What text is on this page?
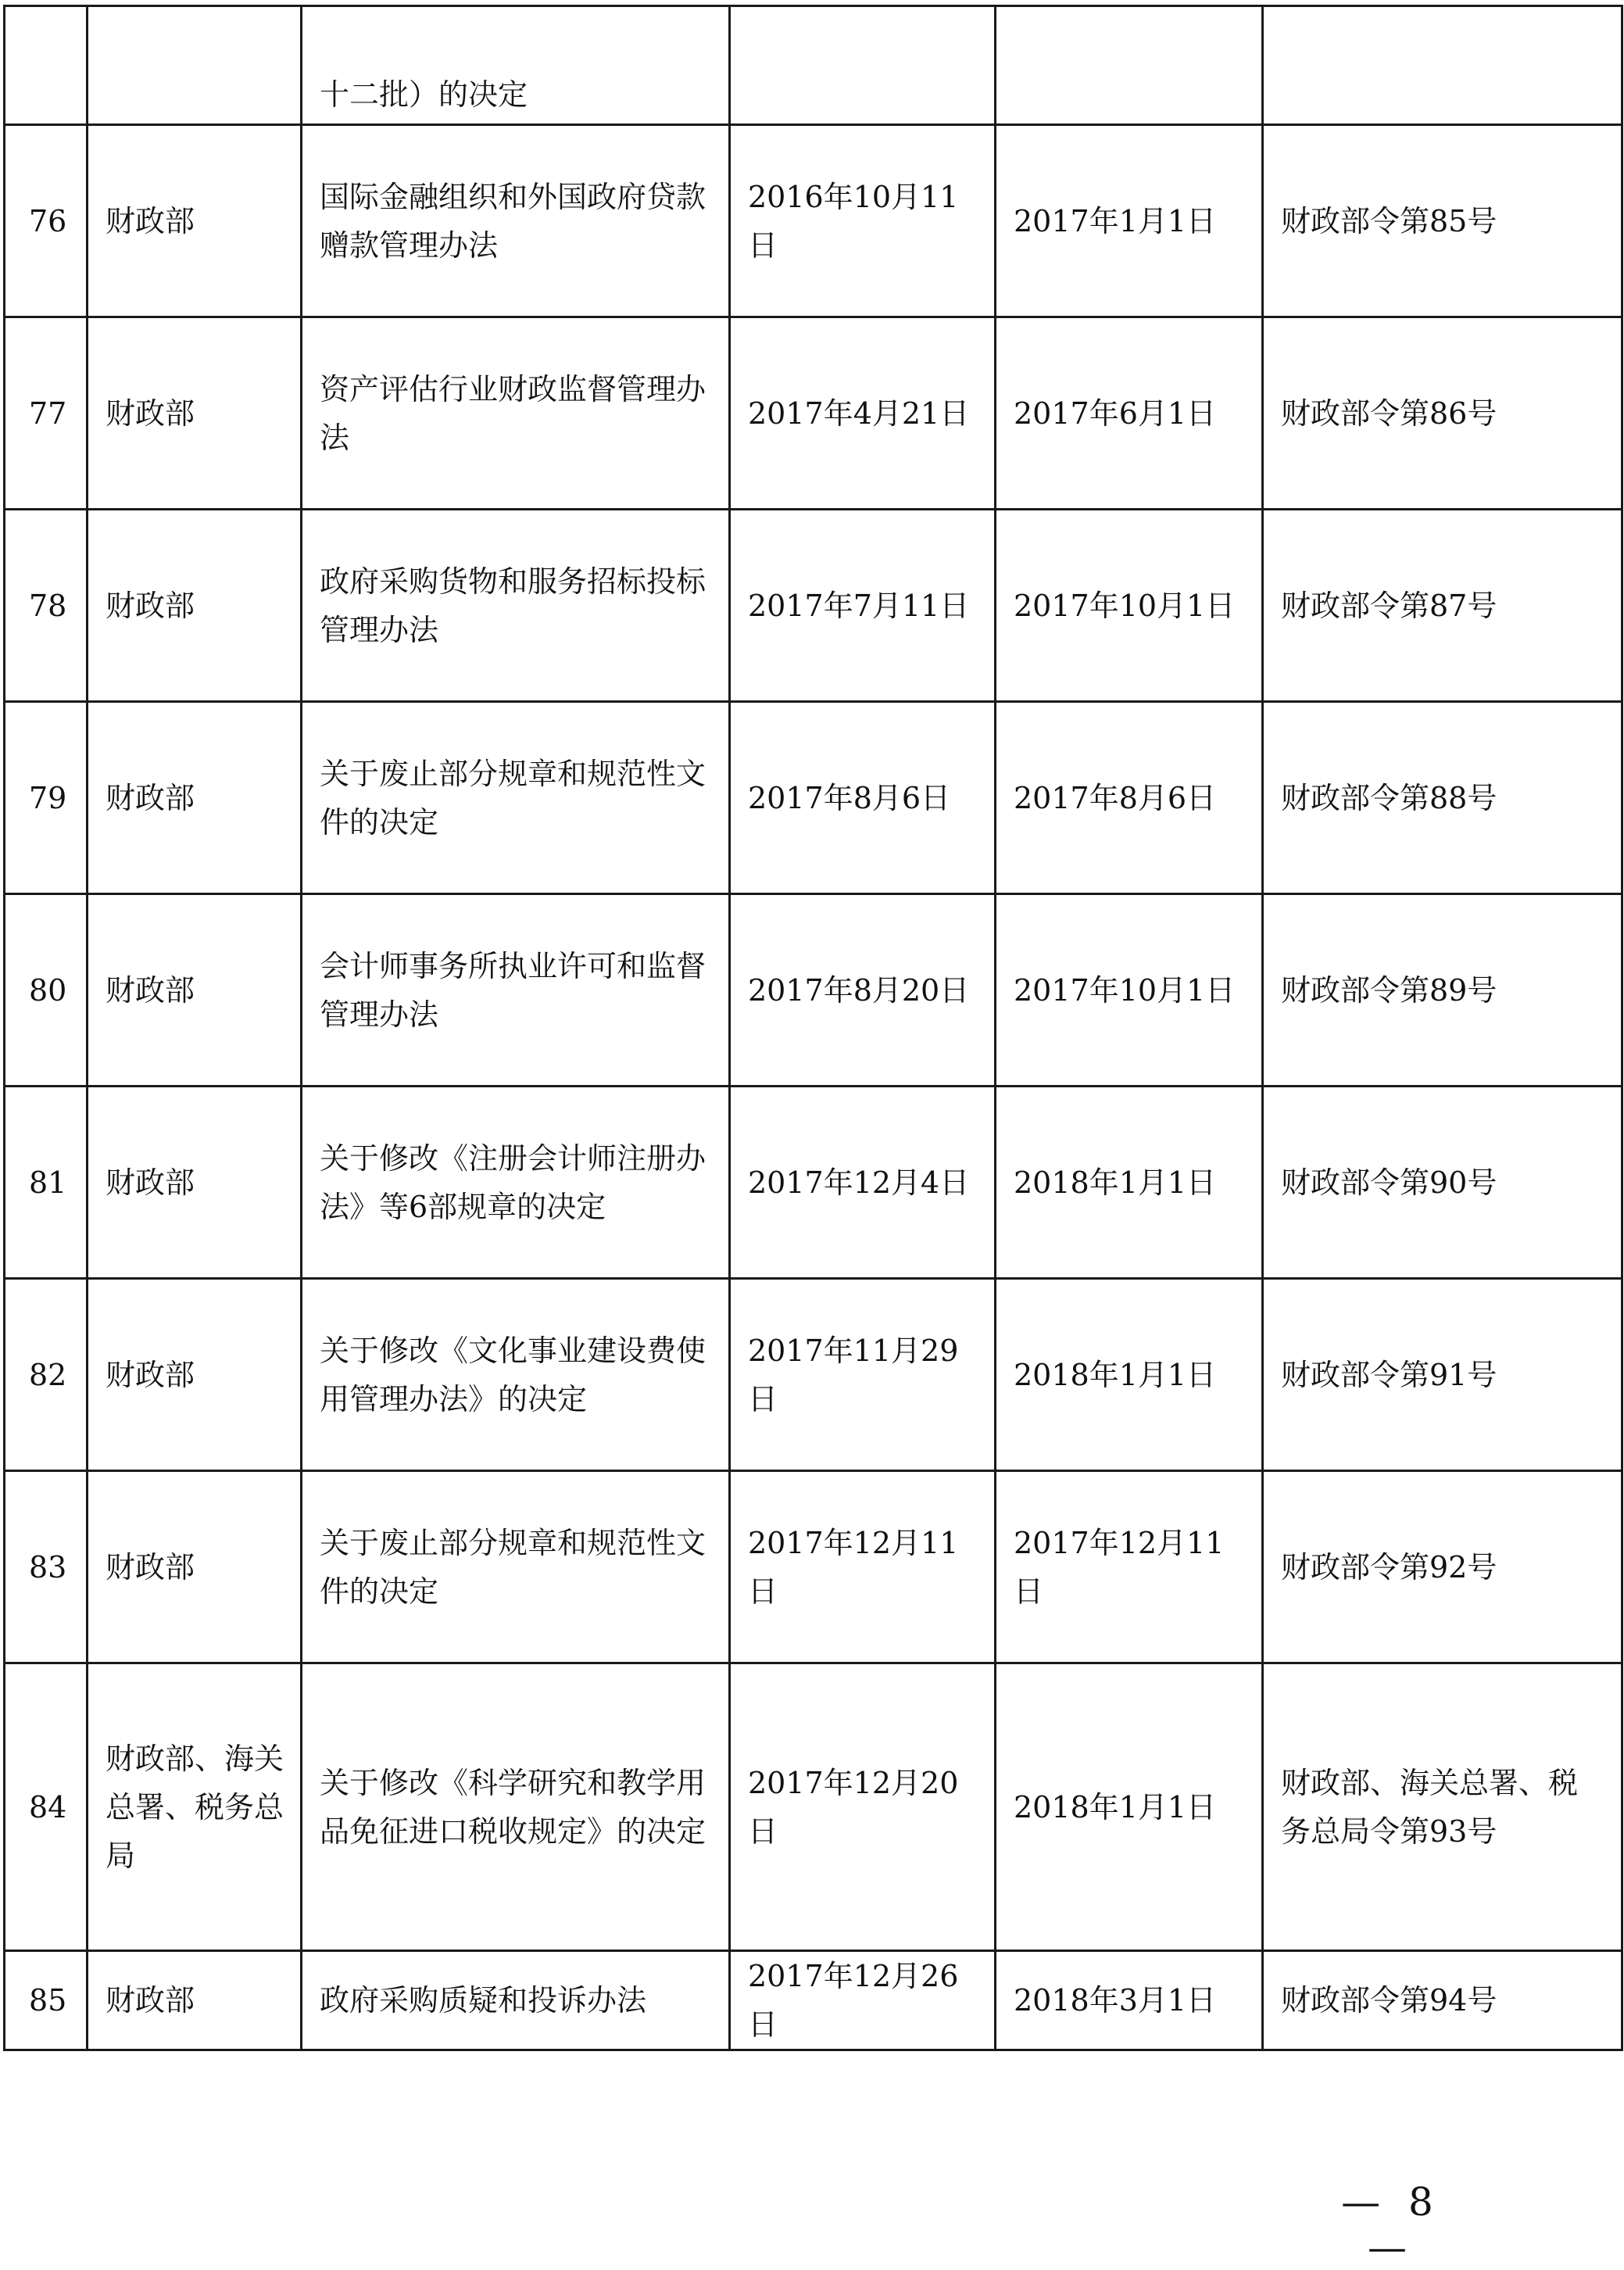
		十二批）的决定			
76	财政部	国际金融组织和外国政府贷款赠款管理办法	2016年10月11日	2017年1月1日	财政部令第85号
77	财政部	资产评估行业财政监督管理办法	2017年4月21日	2017年6月1日	财政部令第86号
78	财政部	政府采购货物和服务招标投标管理办法	2017年7月11日	2017年10月1日	财政部令第87号
79	财政部	关于废止部分规章和规范性文件的决定	2017年8月6日	2017年8月6日	财政部令第88号
80	财政部	会计师事务所执业许可和监督管理办法	2017年8月20日	2017年10月1日	财政部令第89号
81	财政部	关于修改《注册会计师注册办法》等6部规章的决定	2017年12月4日	2018年1月1日	财政部令第90号
82	财政部	关于修改《文化事业建设费使用管理办法》的决定	2017年11月29日	2018年1月1日	财政部令第91号
83	财政部	关于废止部分规章和规范性文件的决定	2017年12月11日	2017年12月11日	财政部令第92号
84	财政部、海关总署、税务总局	关于修改《科学研究和教学用品免征进口税收规定》的决定	2017年12月20日	2018年1月1日	财政部、海关总署、税务总局令第93号
85	财政部	政府采购质疑和投诉办法	2017年12月26日	2018年3月1日	财政部令第94号
— 8 —
